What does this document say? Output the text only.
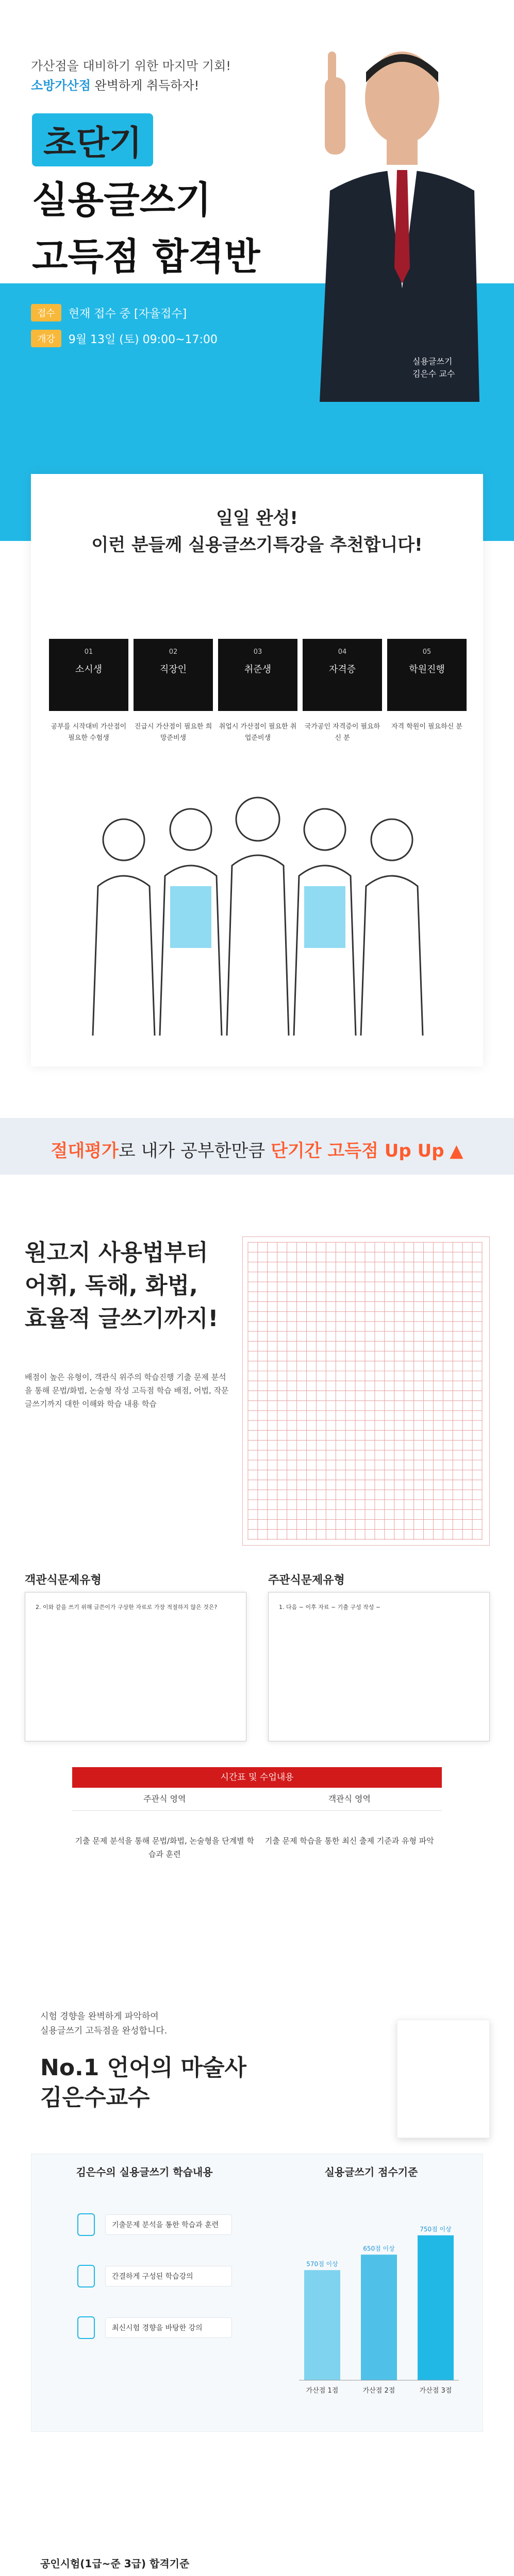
가산점을 대비하기 위한 마지막 기회!
소방가산점 완벽하게 취득하자!
초단기
실용글쓰기
고득점 합격반
접수	현재 접수 중 [자율접수]
개강	9월 13일 (토) 09:00~17:00
실용글쓰기
김은수 교수
일일 완성!
이런 분들께 실용글쓰기특강을 추천합니다!
01
소시생
02
직장인
03
취준생
04
자격증
05
학원진행
공부를 시작대비 가산점이 필요한 수험생
진급시 가산점이 필요한 희망준비생
취업시 가산점이 필요한 취업준비생
국가공인 자격증이 필요하신 분
자격 학원이 필요하신 분

절대평가로 내가 공부한만큼 단기간 고득점 Up Up ▲

원고지 사용법부터
어휘, 독해, 화법,
효율적 글쓰기까지!
배점이 높은 유형이, 객관식 위주의 학습진행 기출 문제 분석을 통해 문법/화법, 논술형 작성 고득점 학습 배점, 어법, 작문 글쓰기까지 대한 이해와 학습 내용 학습
객관식문제유형	주관식문제유형
2. 이와 같을 쓰기 위해 글쓴이가 구상한 자료로 가장 적절하지 않은 것은?	1. 다음 ~ 이후 자료 ~ 기출 구성 작성 ~
시간표 및 수업내용
주관식 영역	객관식 영역
기출 문제 분석을 통해 문법/화법, 논술형을 단계별 학습과 훈련
기출 문제 학습을 통한 최신 출제 기준과 유형 파악
시험 경향을 완벽하게 파악하여
실용글쓰기 고득점을 완성합니다.
No.1 언어의 마술사
김은수교수
김은수의 실용글쓰기 학습내용	실용글쓰기 점수기준
기출문제 분석을 통한 학습과 훈련
간결하게 구성된 학습강의
최신시험 경향을 바탕한 강의
570점 이상
가산점 1점
650점 이상
가산점 2점
750점 이상
가산점 3점
공인시험(1급~준 3급) 합격기준
